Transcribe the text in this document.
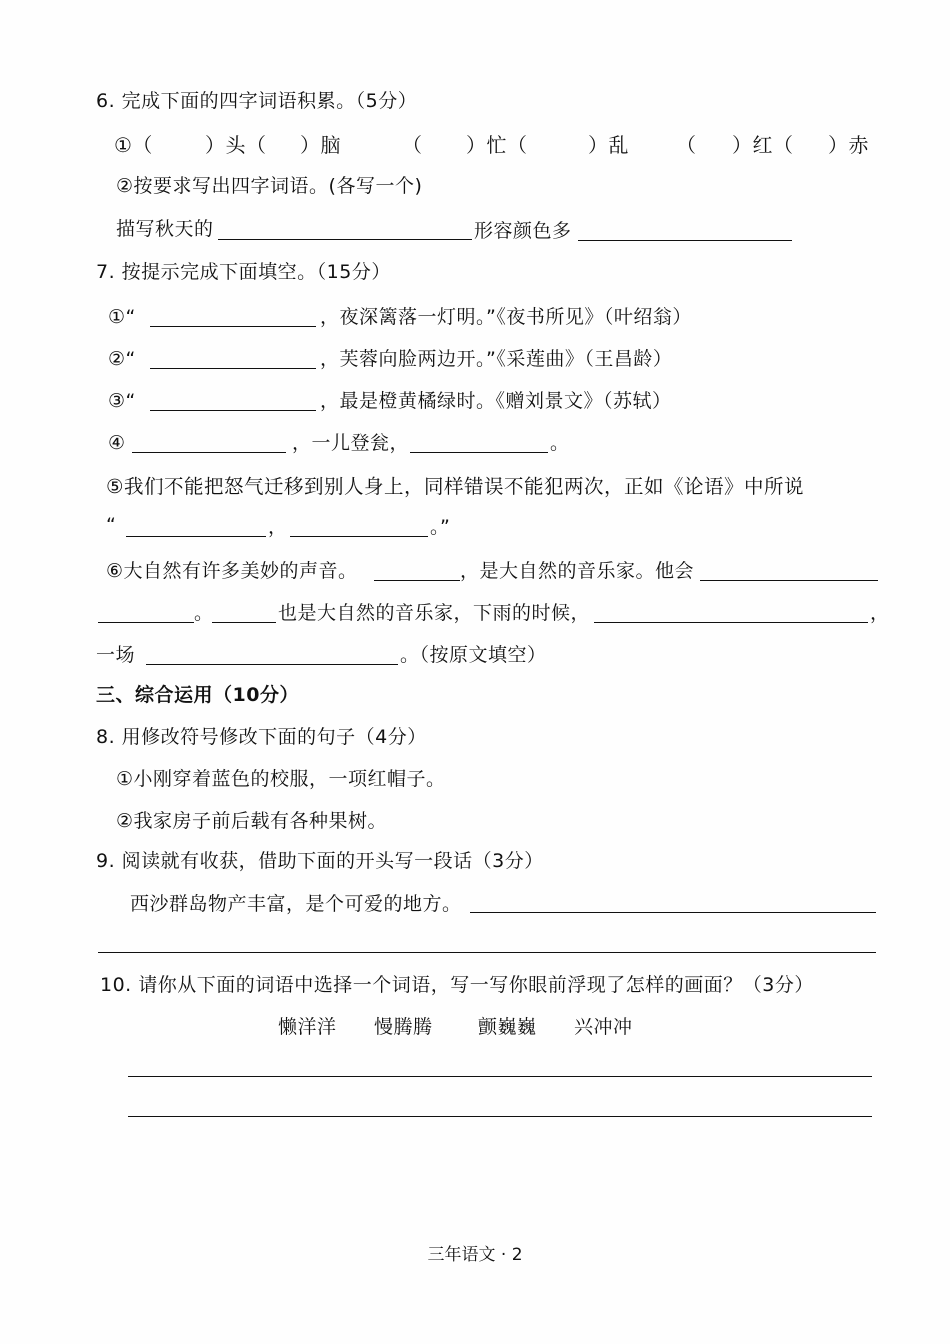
6. 完成下面的四字词语积累。（5分）
①（	）头（ ）脑	（ ）忙（	）乱 （ ）红（ ）赤
②按要求写出四字词语。(各写一个)
描写秋天的	形容颜色多
7. 按提示完成下面填空。（15分）
①“	，夜深篱落一灯明。”《夜书所见》（叶绍翁）
②“	，芙蓉向脸两边开。”《采莲曲》（王昌龄）
③“	，最是橙黄橘绿时。《赠刘景文》（苏轼）
④	，一儿登瓮，	。
⑤我们不能把怒气迁移到别人身上，同样错误不能犯两次，正如《论语》中所说
“	，	。”
⑥大自然有许多美妙的声音。	，是大自然的音乐家。他会
。	也是大自然的音乐家，下雨的时候，	，
一场	。（按原文填空）
三、综合运用（10分）
8. 用修改符号修改下面的句子（4分）
①小刚穿着蓝色的校服，一项红帽子。
②我家房子前后载有各种果树。
9. 阅读就有收获，借助下面的开头写一段话（3分）
西沙群岛物产丰富，是个可爱的地方。
10. 请你从下面的词语中选择一个词语，写一写你眼前浮现了怎样的画面？（3分）
懒洋洋 慢腾腾 颤巍巍 兴冲冲
三年语文 · 2
